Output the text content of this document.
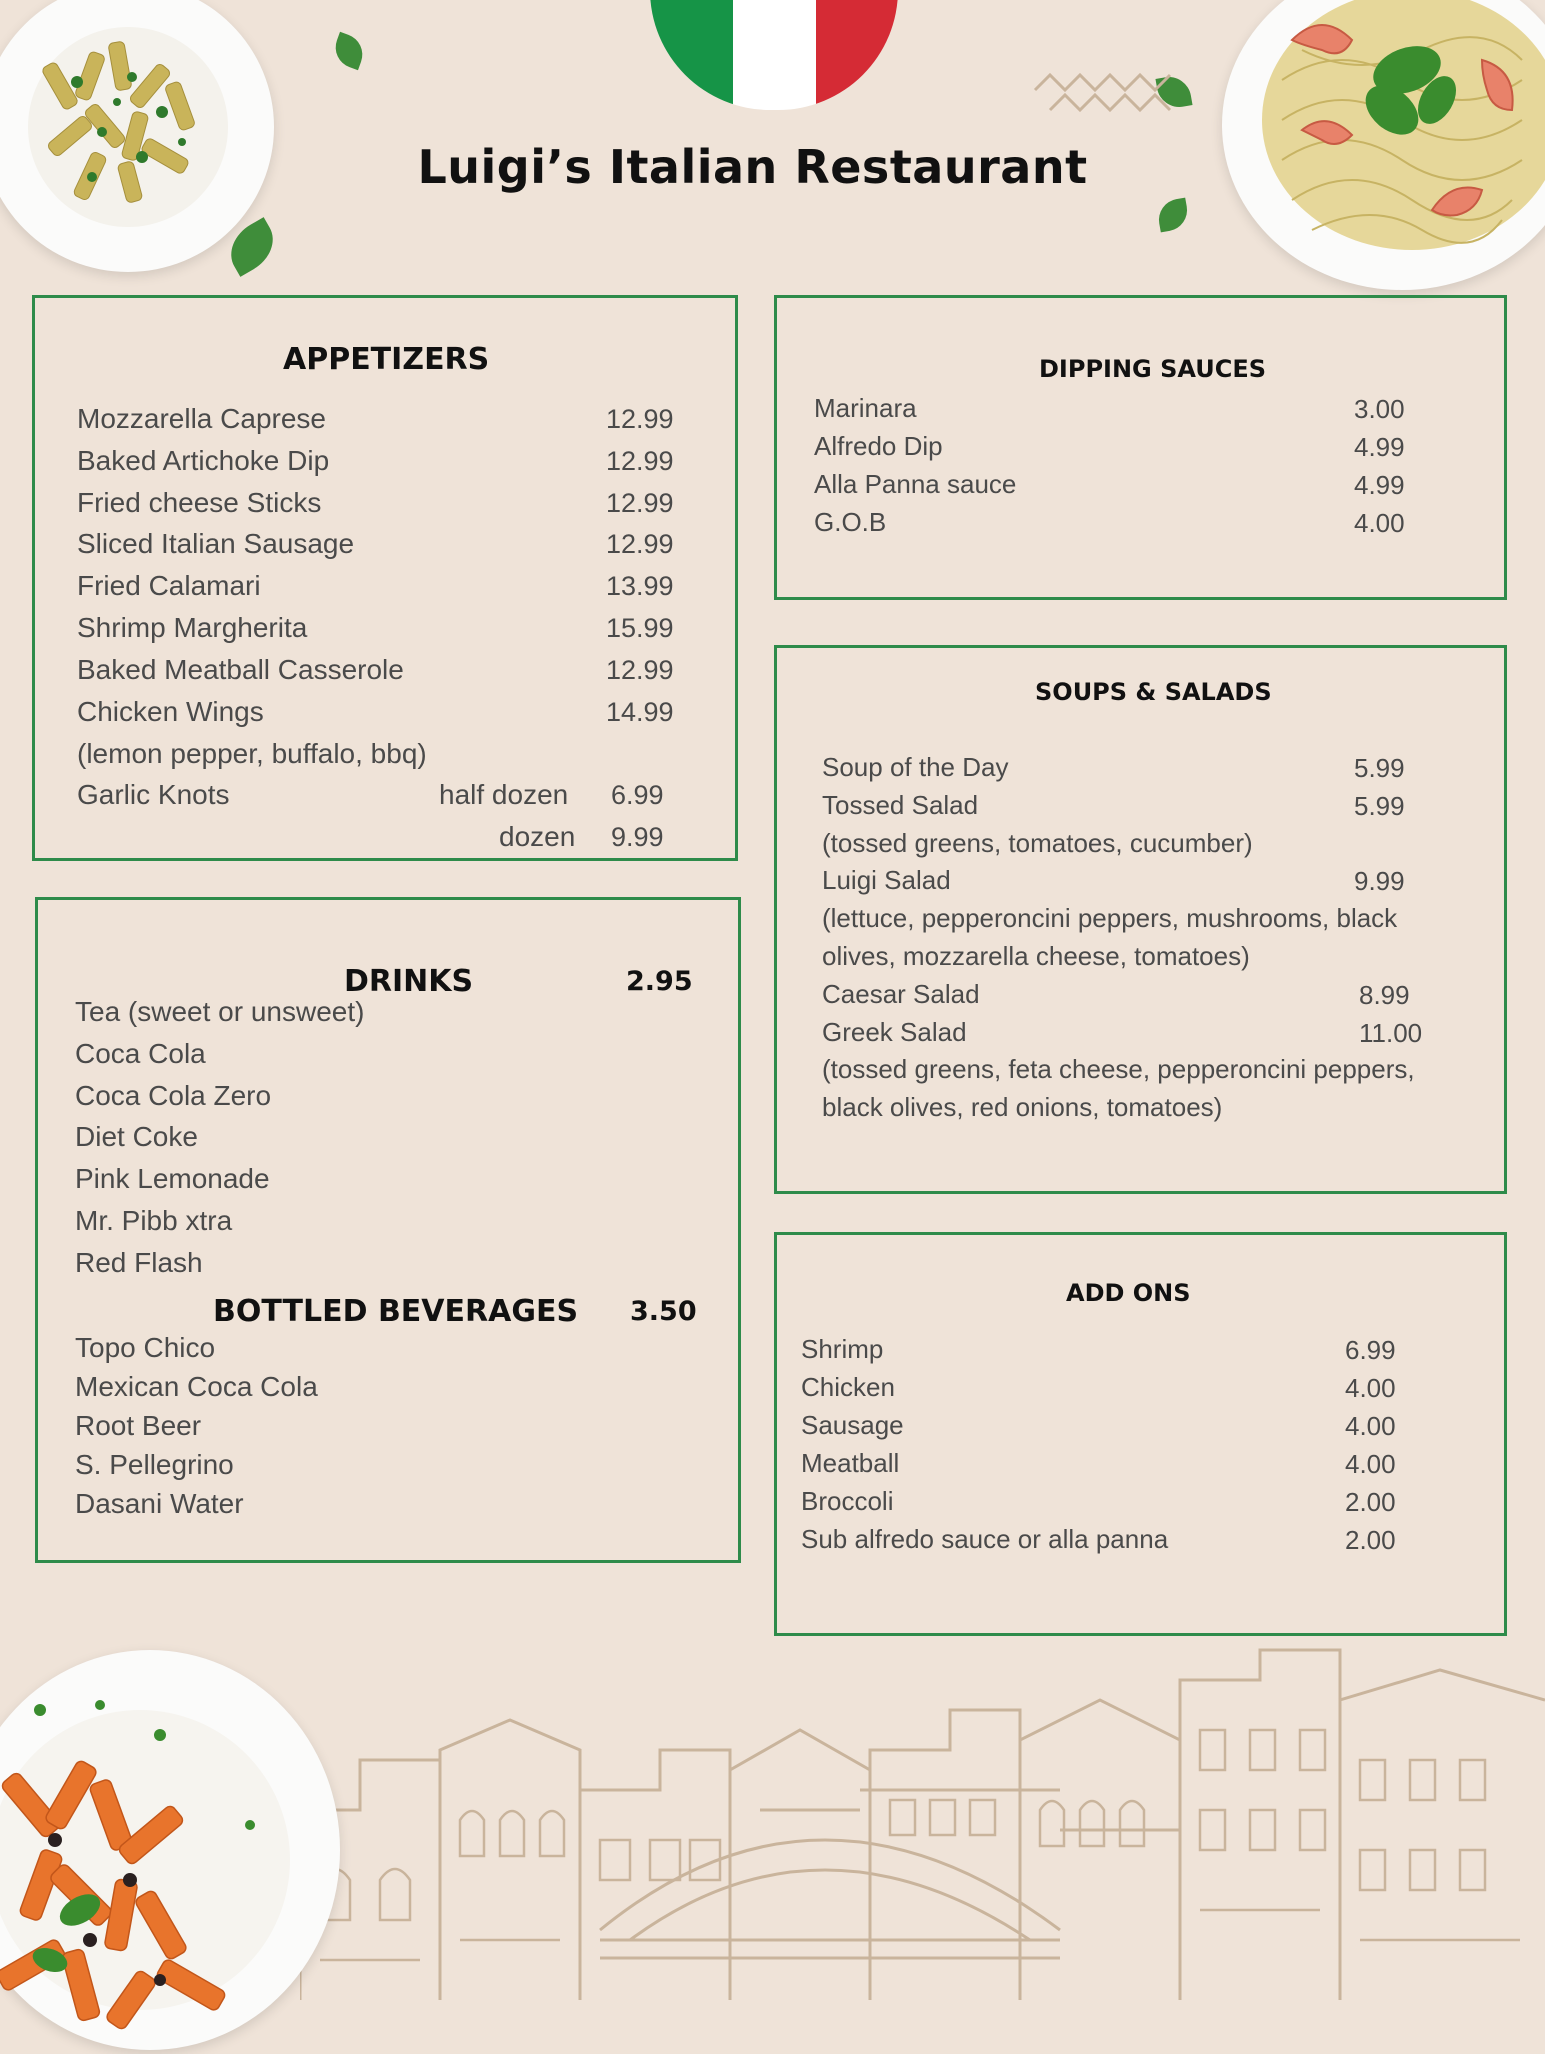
Luigi’s Italian Restaurant
APPETIZERS
Mozzarella Caprese	12.99
Baked Artichoke Dip	12.99
Fried cheese Sticks	12.99
Sliced Italian Sausage	12.99
Fried Calamari	13.99
Shrimp Margherita	15.99
Baked Meatball Casserole	12.99
Chicken Wings	14.99
(lemon pepper, buffalo, bbq)
Garlic Knots	half dozen 6.99
dozen 9.99
DRINKS	2.95
Tea (sweet or unsweet)
Coca Cola
Coca Cola Zero
Diet Coke
Pink Lemonade
Mr. Pibb xtra
Red Flash
BOTTLED BEVERAGES 3.50
Topo Chico
Mexican Coca Cola
Root Beer
S. Pellegrino
Dasani Water
DIPPING SAUCES
Marinara	3.00
Alfredo Dip	4.99
Alla Panna sauce	4.99
G.O.B	4.00
SOUPS & SALADS
Soup of the Day	5.99
Tossed Salad	5.99
(tossed greens, tomatoes, cucumber)
Luigi Salad	9.99
(lettuce, pepperoncini peppers, mushrooms, black
olives, mozzarella cheese, tomatoes)
Caesar Salad	8.99
Greek Salad	11.00
(tossed greens, feta cheese, pepperoncini peppers,
black olives, red onions, tomatoes)
ADD ONS
Shrimp	6.99
Chicken	4.00
Sausage	4.00
Meatball	4.00
Broccoli	2.00
Sub alfredo sauce or alla panna	2.00
